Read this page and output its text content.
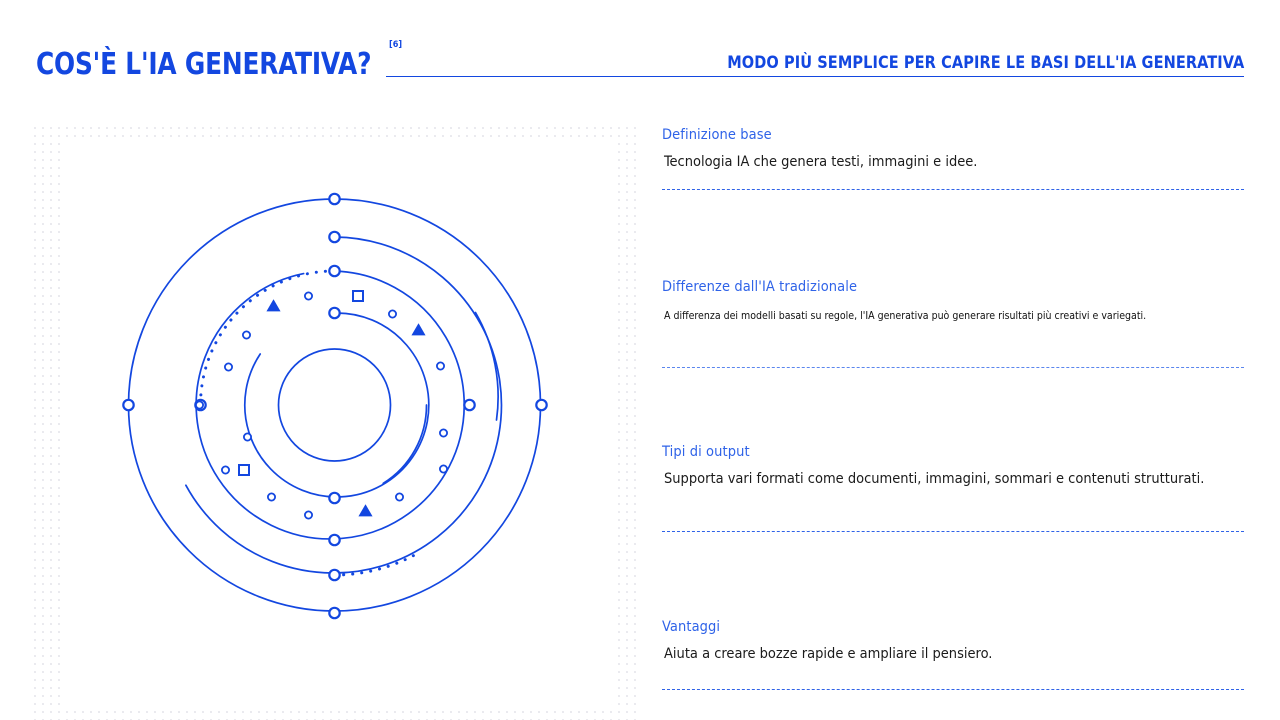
COS'È L'IA GENERATIVA?
[6]
MODO PIÙ SEMPLICE PER CAPIRE LE BASI DELL'IA GENERATIVA
Definizione base
Tecnologia IA che genera testi, immagini e idee.
Differenze dall'IA tradizionale
A differenza dei modelli basati su regole, l'IA generativa può generare risultati più creativi e variegati.
Tipi di output
Supporta vari formati come documenti, immagini, sommari e contenuti strutturati.
Vantaggi
Aiuta a creare bozze rapide e ampliare il pensiero.
